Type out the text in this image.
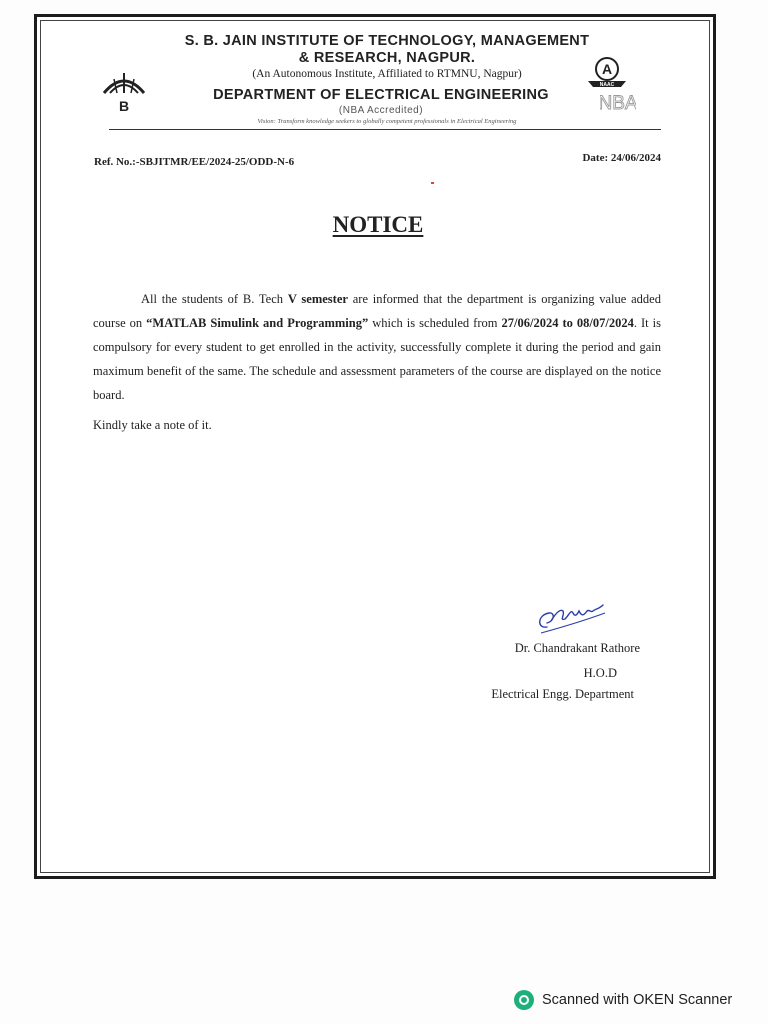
B
S. B. JAIN INSTITUTE OF TECHNOLOGY, MANAGEMENT
& RESEARCH, NAGPUR.
(An Autonomous Institute, Affiliated to RTMNU, Nagpur)	A
NAAC
DEPARTMENT OF ELECTRICAL ENGINEERING
(NBA Accredited)	NBA
Vision: Transform knowledge seekers to globally competent professionals in Electrical Engineering
Ref. No.:-SBJITMR/EE/2024-25/ODD-N-6	Date: 24/06/2024
NOTICE

All the students of B. Tech V semester are informed that the department is organizing value added course on “MATLAB Simulink and Programming” which is scheduled from 27/06/2024 to 08/07/2024. It is compulsory for every student to get enrolled in the activity, successfully complete it during the period and gain maximum benefit of the same. The schedule and assessment parameters of the course are displayed on the notice board.

Kindly take a note of it.
Dr. Chandrakant Rathore
H.O.D
Electrical Engg. Department
Scanned with OKEN Scanner
